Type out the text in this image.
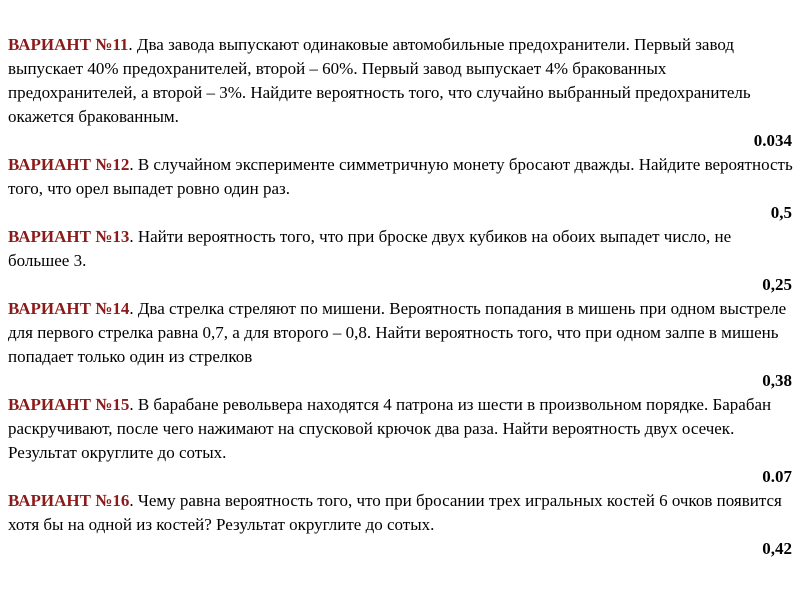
ВАРИАНТ №11. Два завода выпускают одинаковые автомобильные предохранители. Первый завод выпускает 40% предохранителей, второй – 60%. Первый завод выпускает 4% бракованных предохранителей, а второй – 3%. Найдите вероятность того, что случайно выбранный предохранитель окажется бракованным.

0.034

ВАРИАНТ №12. В случайном эксперименте симметричную монету бросают дважды. Найдите вероятность того, что орел выпадет ровно один раз.

0,5

ВАРИАНТ №13. Найти вероятность того, что при броске двух кубиков на обоих выпадет число, не большее 3.

0,25

ВАРИАНТ №14. Два стрелка стреляют по мишени. Вероятность попадания в мишень при одном выстреле для первого стрелка равна 0,7, а для второго – 0,8. Найти вероятность того, что при одном залпе в мишень попадает только один из стрелков

0,38

ВАРИАНТ №15. В барабане револьвера находятся 4 патрона из шести в произвольном порядке. Барабан раскручивают, после чего нажимают на спусковой крючок два раза. Найти вероятность двух осечек. Результат округлите до сотых.

0.07

ВАРИАНТ №16. Чему равна вероятность того, что при бросании трех игральных костей 6 очков появится хотя бы на одной из костей? Результат округлите до сотых.

0,42
